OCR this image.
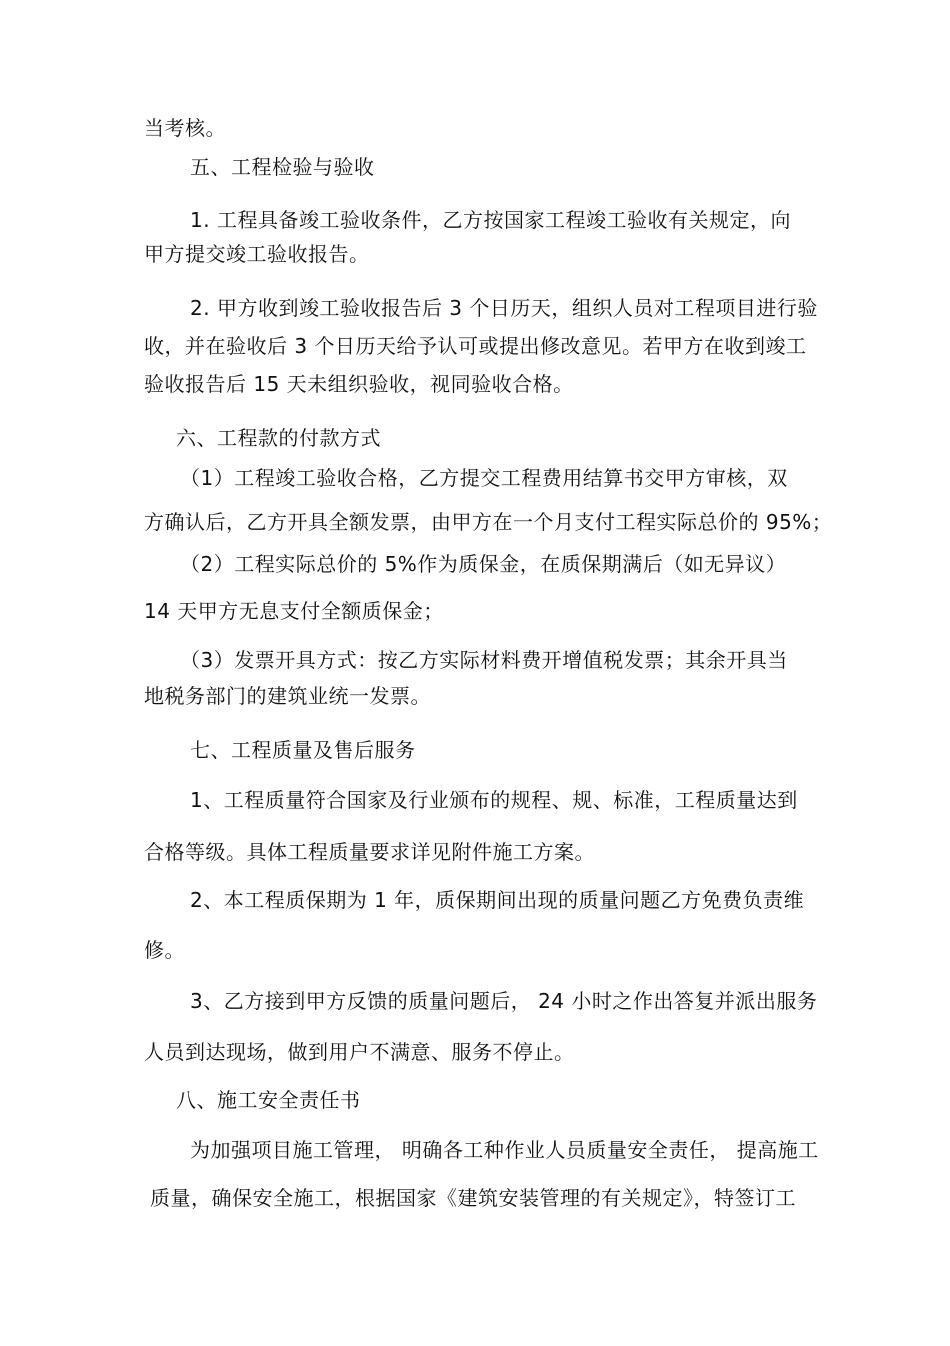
当考核。
五、工程检验与验收
1. 工程具备竣工验收条件，乙方按国家工程竣工验收有关规定，向
甲方提交竣工验收报告。
2. 甲方收到竣工验收报告后 3 个日历天，组织人员对工程项目进行验
收，并在验收后 3 个日历天给予认可或提出修改意见。若甲方在收到竣工
验收报告后 15 天未组织验收，视同验收合格。
六、工程款的付款方式
（1）工程竣工验收合格，乙方提交工程费用结算书交甲方审核，双
方确认后，乙方开具全额发票，由甲方在一个月支付工程实际总价的 95%；
（2）工程实际总价的 5%作为质保金，在质保期满后（如无异议）
14 天甲方无息支付全额质保金；
（3）发票开具方式：按乙方实际材料费开增值税发票；其余开具当
地税务部门的建筑业统一发票。
七、工程质量及售后服务
1、工程质量符合国家及行业颁布的规程、规、标准，工程质量达到
合格等级。具体工程质量要求详见附件施工方案。
2、本工程质保期为 1 年，质保期间出现的质量问题乙方免费负责维
修。
3、乙方接到甲方反馈的质量问题后， 24 小时之作出答复并派出服务
人员到达现场，做到用户不满意、服务不停止。
八、施工安全责任书
为加强项目施工管理， 明确各工种作业人员质量安全责任， 提高施工
质量，确保安全施工，根据国家《建筑安装管理的有关规定》，特签订工
